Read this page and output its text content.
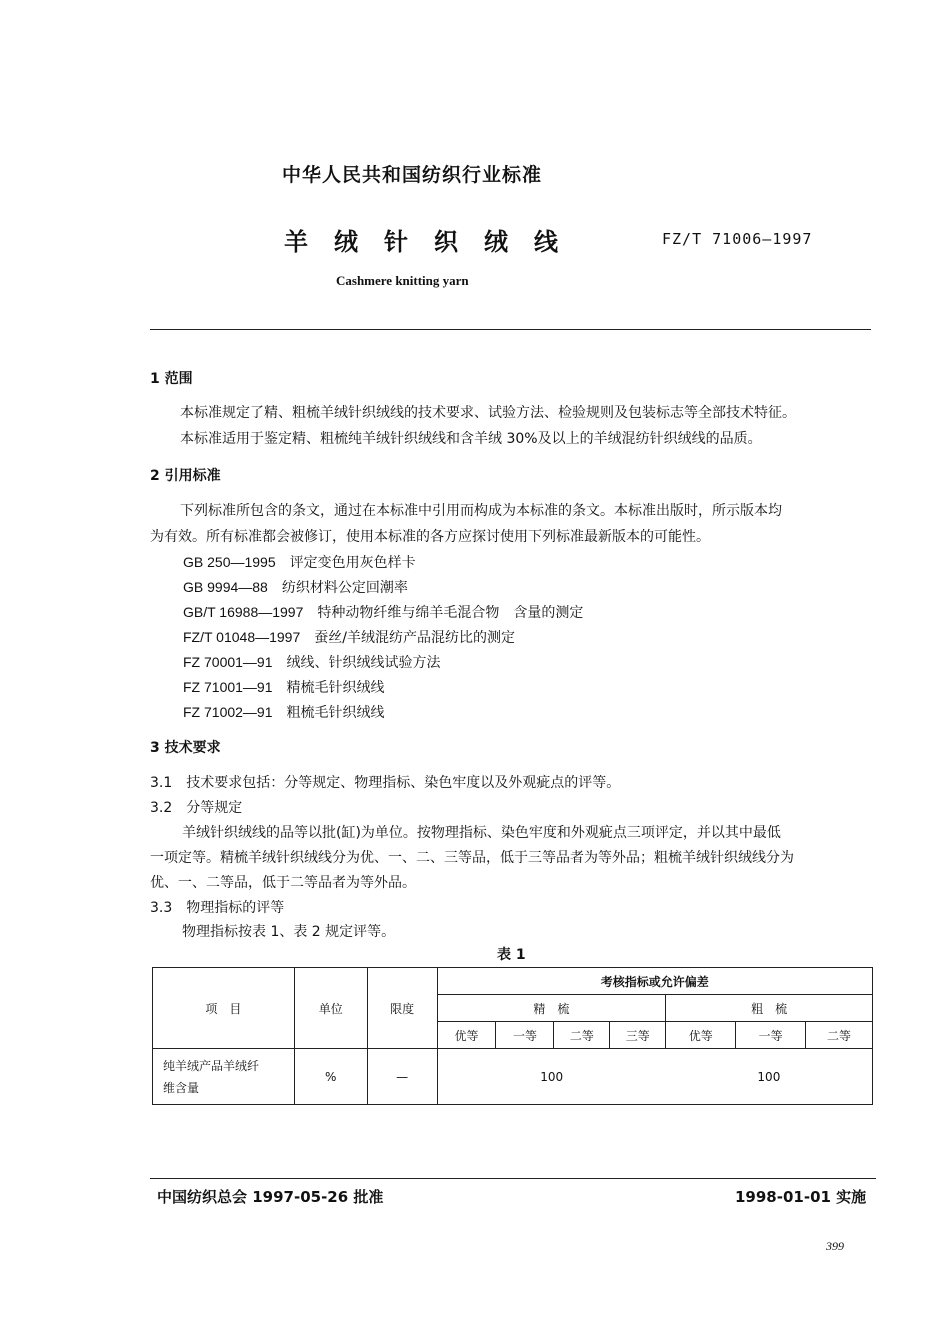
中华人民共和国纺织行业标准
羊绒针织绒线	FZ/T 71006—1997
Cashmere knitting yarn
1 范围
本标准规定了精、粗梳羊绒针织绒线的技术要求、试验方法、检验规则及包装标志等全部技术特征。
本标准适用于鉴定精、粗梳纯羊绒针织绒线和含羊绒 30%及以上的羊绒混纺针织绒线的品质。
2 引用标准
下列标准所包含的条文，通过在本标准中引用而构成为本标准的条文。本标准出版时，所示版本均
为有效。所有标准都会被修订，使用本标准的各方应探讨使用下列标准最新版本的可能性。
GB 250—1995　 评定变色用灰色样卡
GB 9994—88　 纺织材料公定回潮率
GB/T 16988—1997　 特种动物纤维与绵羊毛混合物　含量的测定
FZ/T 01048—1997　 蚕丝/羊绒混纺产品混纺比的测定
FZ 70001—91　 绒线、针织绒线试验方法
FZ 71001—91　 精梳毛针织绒线
FZ 71002—91　 粗梳毛针织绒线
3 技术要求
3.1　技术要求包括：分等规定、物理指标、染色牢度以及外观疵点的评等。
3.2　分等规定
羊绒针织绒线的品等以批(缸)为单位。按物理指标、染色牢度和外观疵点三项评定，并以其中最低
一项定等。精梳羊绒针织绒线分为优、一、二、三等品，低于三等品者为等外品；粗梳羊绒针织绒线分为
优、一、二等品，低于二等品者为等外品。
3.3　物理指标的评等
物理指标按表 1、表 2 规定评等。
表 1
项　目	单位	限度	考核指标或允许偏差						
			精　梳				粗　梳		
			优等	一等	二等	三等	优等	一等	二等

纯羊绒产品羊绒纤
维含量	%	—	100				100		
中国纺织总会 1997-05-26 批准	1998-01-01 实施
399
